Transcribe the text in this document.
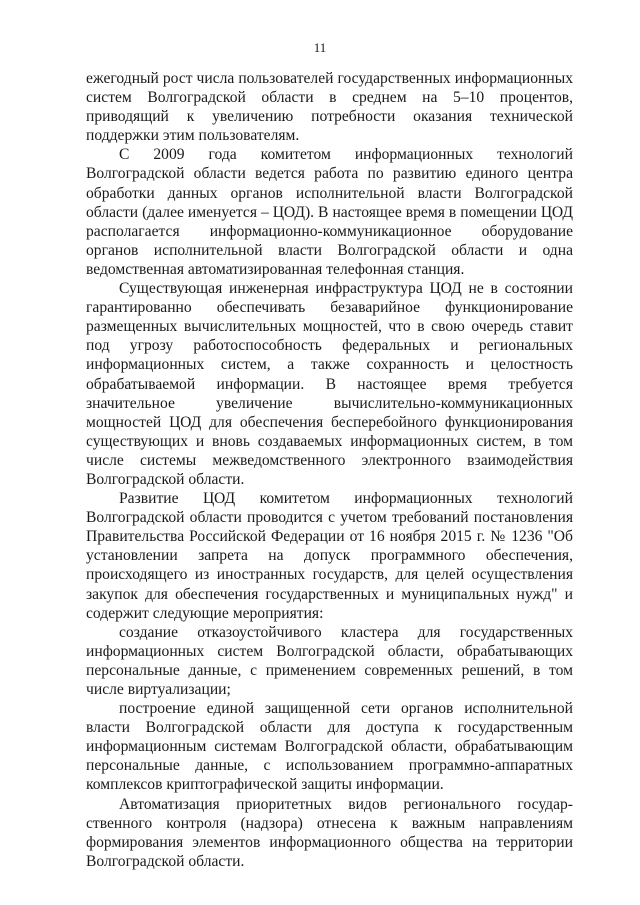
11

ежегодный рост числа пользователей государственных информационных систем Волгоградской области в среднем на 5–10 процентов, приводящий к увеличению потребности оказания технической поддержки этим пользователям.

С 2009 года комитетом информационных технологий Волгоградской области ведется работа по развитию единого центра обработки данных органов исполнительной власти Волгоградской области (далее именуется – ЦОД). В настоящее время в помещении ЦОД располагается информационно-коммуникационное оборудование органов исполнительной власти Волгоградской области и одна ведомственная автоматизированная телефонная станция.

Существующая инженерная инфраструктура ЦОД не в состоянии гарантированно обеспечивать безаварийное функционирование размещенных вычислительных мощностей, что в свою очередь ставит под угрозу работоспособность федеральных и региональных информационных систем, а также сохранность и целостность обрабатываемой информации. В настоящее время требуется значительное увеличение вычислительно-коммуникационных мощностей ЦОД для обеспечения бесперебойного функционирования существующих и вновь создаваемых информационных систем, в том числе системы межведомственного электронного взаимодействия Волгоградской области.

Развитие ЦОД комитетом информационных технологий Волгоградской области проводится с учетом требований постановления Правительства Российской Федерации от 16 ноября 2015 г. № 1236 "Об установлении запрета на допуск программного обеспечения, происходящего из иностранных государств, для целей осуществления закупок для обеспечения государственных и муниципальных нужд" и содержит следующие мероприятия:

создание отказоустойчивого кластера для государственных информационных систем Волгоградской области, обрабатывающих персональные данные, с применением современных решений, в том числе виртуализации;

построение единой защищенной сети органов исполнительной власти Волгоградской области для доступа к государственным информационным системам Волгоградской области, обрабатывающим персональные данные, с использованием программно-аппаратных комплексов криптографической защиты информации.

Автоматизация приоритетных видов регионального государственного контроля (надзора) отнесена к важным направлениям формирования элементов информационного общества на территории Волгоградской области.
